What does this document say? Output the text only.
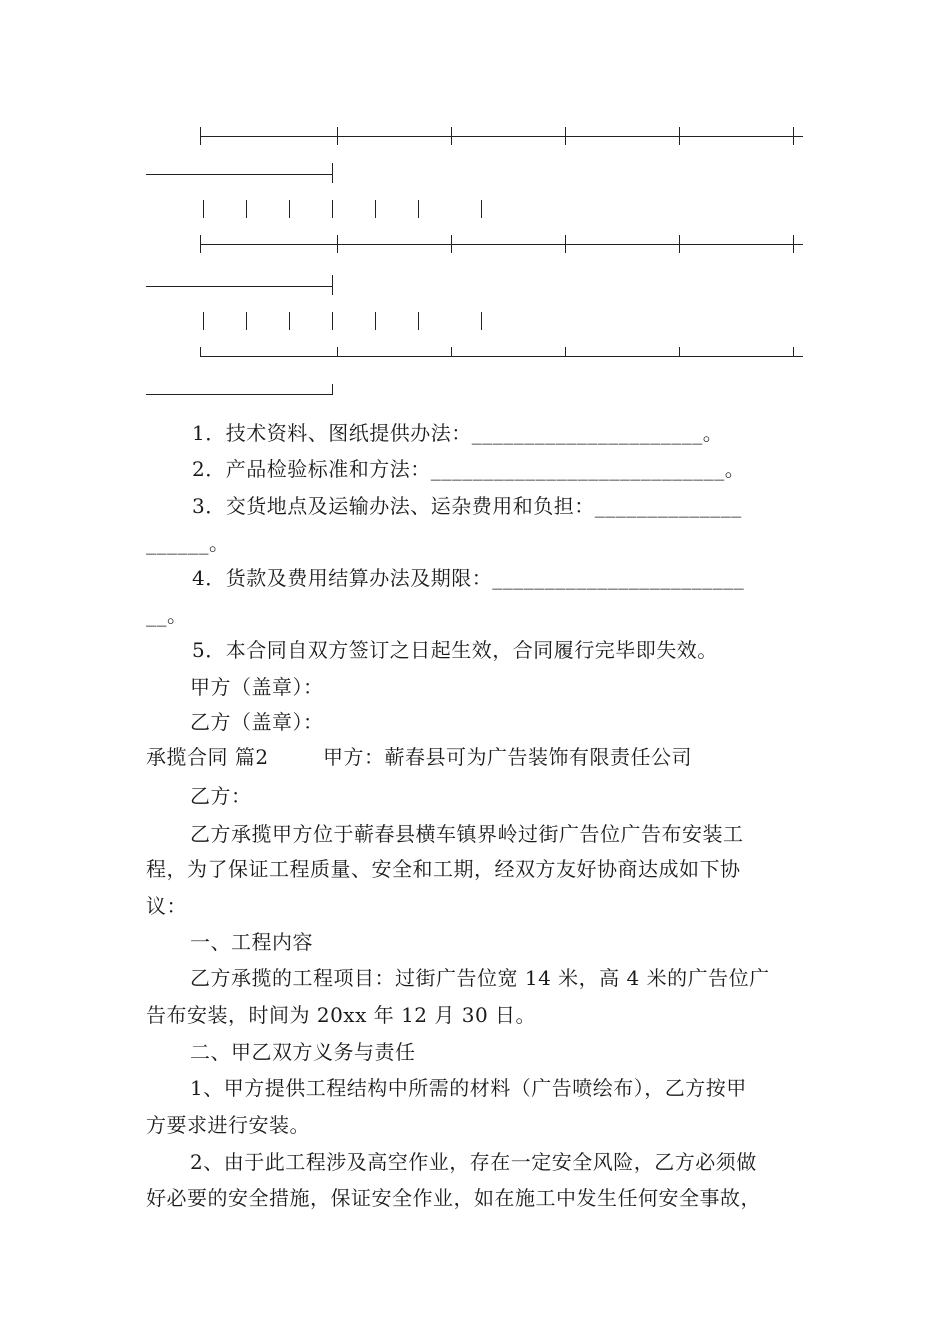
1．技术资料、图纸提供办法：______________________。
2．产品检验标准和方法：____________________________。
3．交货地点及运输办法、运杂费用和负担：______________
______。
4．货款及费用结算办法及期限：________________________
__。
5．本合同自双方签订之日起生效，合同履行完毕即失效。
甲方（盖章）：
乙方（盖章）：
承揽合同 篇2	甲方：蕲春县可为广告装饰有限责任公司
乙方：
乙方承揽甲方位于蕲春县横车镇界岭过街广告位广告布安装工
程，为了保证工程质量、安全和工期，经双方友好协商达成如下协
议：
一、工程内容
乙方承揽的工程项目：过街广告位宽 14 米，高 4 米的广告位广
告布安装，时间为 20xx 年 12 月 30 日。
二、甲乙双方义务与责任
1、甲方提供工程结构中所需的材料（广告喷绘布），乙方按甲
方要求进行安装。
2、由于此工程涉及高空作业，存在一定安全风险，乙方必须做
好必要的安全措施，保证安全作业，如在施工中发生任何安全事故，
